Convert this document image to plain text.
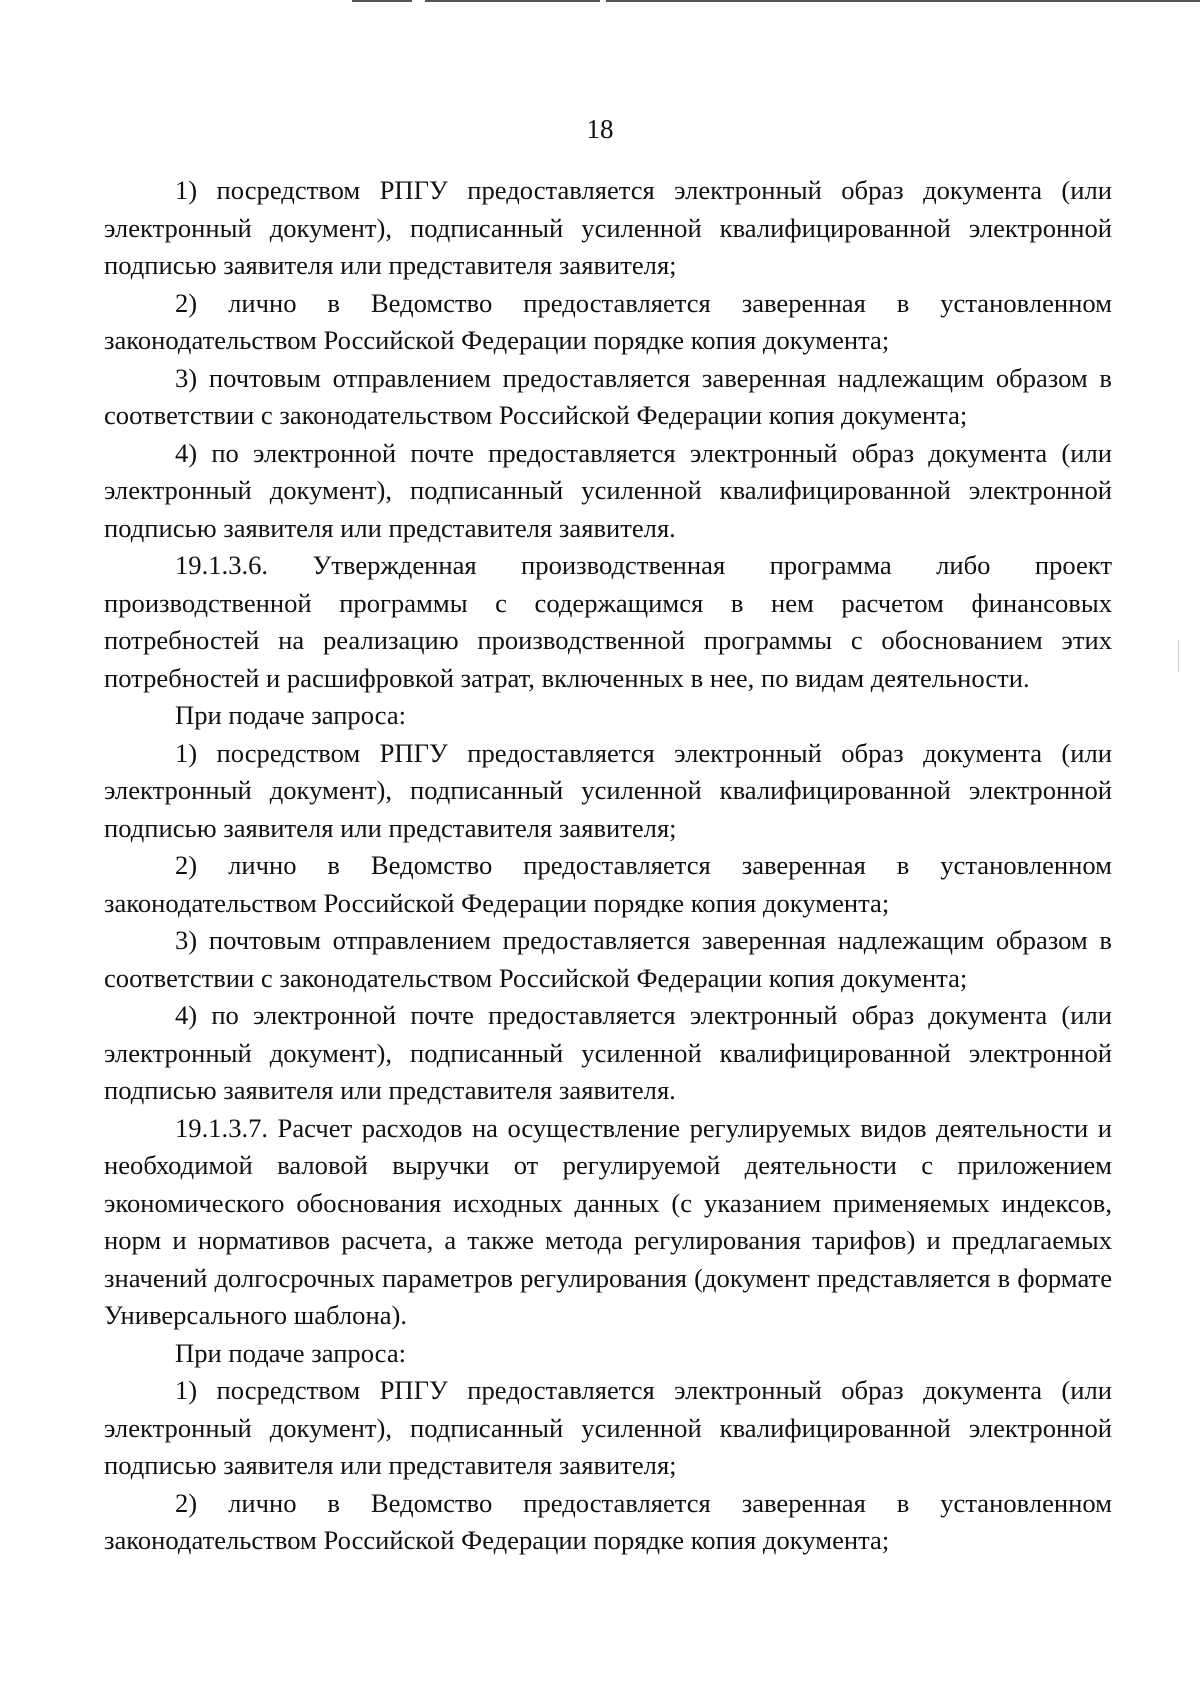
18

1) посредством РПГУ предоставляется электронный образ документа (или электронный документ), подписанный усиленной квалифицированной электронной подписью заявителя или представителя заявителя;

2) лично в Ведомство предоставляется заверенная в установленном законодательством Российской Федерации порядке копия документа;

3) почтовым отправлением предоставляется заверенная надлежащим образом в соответствии с законодательством Российской Федерации копия документа;

4) по электронной почте предоставляется электронный образ документа (или электронный документ), подписанный усиленной квалифицированной электронной подписью заявителя или представителя заявителя.

19.1.3.6. Утвержденная производственная программа либо проект производственной программы с содержащимся в нем расчетом финансовых потребностей на реализацию производственной программы с обоснованием этих потребностей и расшифровкой затрат, включенных в нее, по видам деятельности.

При подаче запроса:

1) посредством РПГУ предоставляется электронный образ документа (или электронный документ), подписанный усиленной квалифицированной электронной подписью заявителя или представителя заявителя;

2) лично в Ведомство предоставляется заверенная в установленном законодательством Российской Федерации порядке копия документа;

3) почтовым отправлением предоставляется заверенная надлежащим образом в соответствии с законодательством Российской Федерации копия документа;

4) по электронной почте предоставляется электронный образ документа (или электронный документ), подписанный усиленной квалифицированной электронной подписью заявителя или представителя заявителя.

19.1.3.7. Расчет расходов на осуществление регулируемых видов деятельности и необходимой валовой выручки от регулируемой деятельности с приложением экономического обоснования исходных данных (с указанием применяемых индексов, норм и нормативов расчета, а также метода регулирования тарифов) и предлагаемых значений долгосрочных параметров регулирования (документ представляется в формате Универсального шаблона).

При подаче запроса:

1) посредством РПГУ предоставляется электронный образ документа (или электронный документ), подписанный усиленной квалифицированной электронной подписью заявителя или представителя заявителя;

2) лично в Ведомство предоставляется заверенная в установленном законодательством Российской Федерации порядке копия документа;
